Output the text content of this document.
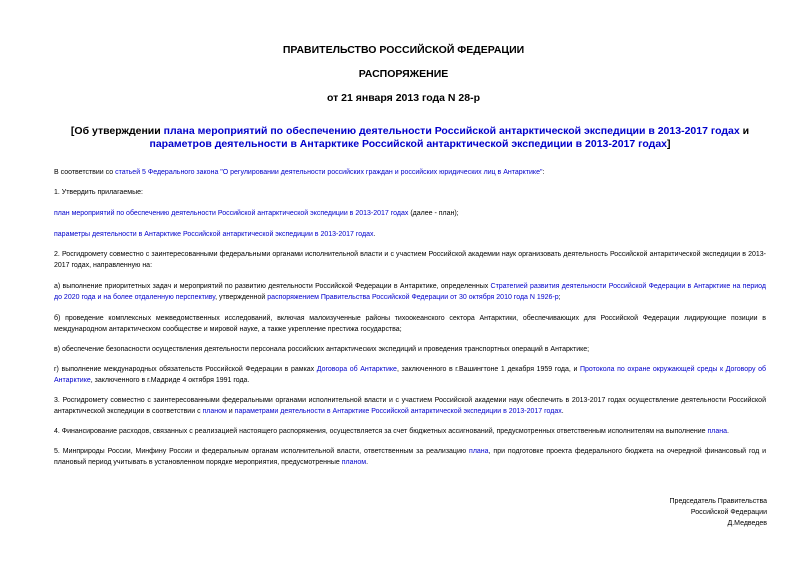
ПРАВИТЕЛЬСТВО РОССИЙСКОЙ ФЕДЕРАЦИИ
РАСПОРЯЖЕНИЕ
от 21 января 2013 года N 28-р
[Об утверждении плана мероприятий по обеспечению деятельности Российской антарктической экспедиции в 2013-2017 годах и параметров деятельности в Антарктике Российской антарктической экспедиции в 2013-2017 годах]

В соответствии со статьей 5 Федерального закона "О регулировании деятельности российских граждан и российских юридических лиц в Антарктике":

1. Утвердить прилагаемые:

план мероприятий по обеспечению деятельности Российской антарктической экспедиции в 2013-2017 годах (далее - план);

параметры деятельности в Антарктике Российской антарктической экспедиции в 2013-2017 годах.

2. Росгидромету совместно с заинтересованными федеральными органами исполнительной власти и с участием Российской академии наук организовать деятельность Российской антарктической экспедиции в 2013-2017 годах, направленную на:

а) выполнение приоритетных задач и мероприятий по развитию деятельности Российской Федерации в Антарктике, определенных Стратегией развития деятельности Российской Федерации в Антарктике на период до 2020 года и на более отдаленную перспективу, утвержденной распоряжением Правительства Российской Федерации от 30 октября 2010 года N 1926-р;

б) проведение комплексных межведомственных исследований, включая малоизученные районы тихоокеанского сектора Антарктики, обеспечивающих для Российской Федерации лидирующие позиции в международном антарктическом сообществе и мировой науке, а также укрепление престижа государства;

в) обеспечение безопасности осуществления деятельности персонала российских антарктических экспедиций и проведения транспортных операций в Антарктике;

г) выполнение международных обязательств Российской Федерации в рамках Договора об Антарктике, заключенного в г.Вашингтоне 1 декабря 1959 года, и Протокола по охране окружающей среды к Договору об Антарктике, заключенного в г.Мадриде 4 октября 1991 года.

3. Росгидромету совместно с заинтересованными федеральными органами исполнительной власти и с участием Российской академии наук обеспечить в 2013-2017 годах осуществление деятельности Российской антарктической экспедиции в соответствии с планом и параметрами деятельности в Антарктике Российской антарктической экспедиции в 2013-2017 годах.

4. Финансирование расходов, связанных с реализацией настоящего распоряжения, осуществляется за счет бюджетных ассигнований, предусмотренных ответственным исполнителям на выполнение плана.

5. Минприроды России, Минфину России и федеральным органам исполнительной власти, ответственным за реализацию плана, при подготовке проекта федерального бюджета на очередной финансовый год и плановый период учитывать в установленном порядке мероприятия, предусмотренные планом.

Председатель Правительства
Российской Федерации
Д.Медведев
